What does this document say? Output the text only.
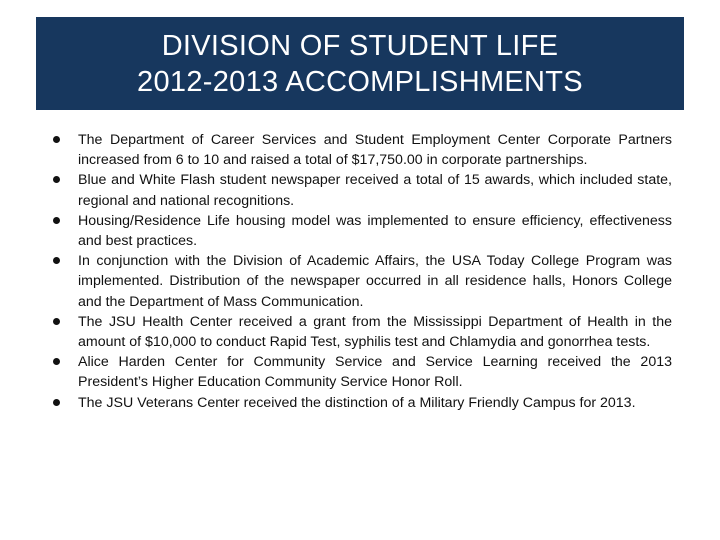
DIVISION OF STUDENT LIFE
2012-2013 ACCOMPLISHMENTS
The Department of Career Services and Student Employment Center Corporate Partners increased from 6 to 10 and raised a total of $17,750.00 in corporate partnerships.
Blue and White Flash student newspaper received a total of 15 awards, which included state, regional and national recognitions.
Housing/Residence Life housing model was implemented to ensure efficiency, effectiveness and best practices.
In conjunction with the Division of Academic Affairs, the USA Today College Program was implemented. Distribution of the newspaper occurred in all residence halls, Honors College and the Department of Mass Communication.
The JSU Health Center received a grant from the Mississippi Department of Health in the amount of $10,000 to conduct Rapid Test, syphilis test and Chlamydia and gonorrhea tests.
Alice Harden Center for Community Service and Service Learning received the 2013 President’s Higher Education Community Service Honor Roll.
The JSU Veterans Center received the distinction of a Military Friendly Campus for 2013.
